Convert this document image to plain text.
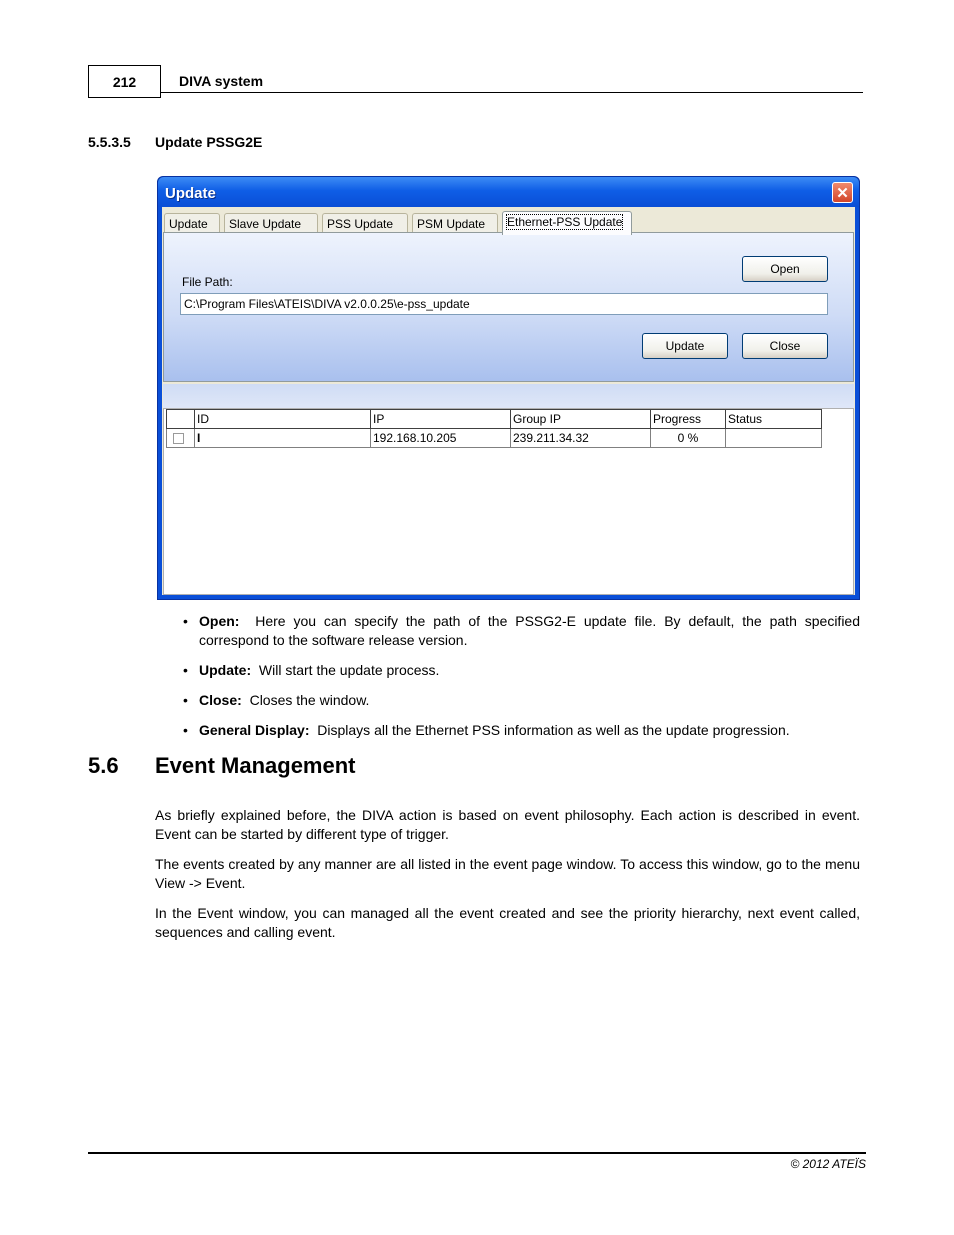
212	DIVA system
5.5.3.5 Update PSSG2E
Update	✕
Update	Slave Update	PSS Update	PSM Update	Ethernet-PSS Update
File Path:
C:\Program Files\ATEIS\DIVA v2.0.0.25\e-pss_update
Open
Update	Close
	ID	IP	Group IP	Progress	Status
	I	192.168.10.205	239.211.34.32	0 %	
• Open: Here you can specify the path of the PSSG2-E update file. By default, the path specified correspond to the software release version.
• Update: Will start the update process.
• Close: Closes the window.
• General Display: Displays all the Ethernet PSS information as well as the update progression.
5.6 Event Management

As briefly explained before, the DIVA action is based on event philosophy. Each action is described in event. Event can be started by different type of trigger.

The events created by any manner are all listed in the event page window. To access this window, go to the menu View -> Event.

In the Event window, you can managed all the event created and see the priority hierarchy, next event called, sequences and calling event.

© 2012 ATEÏS
